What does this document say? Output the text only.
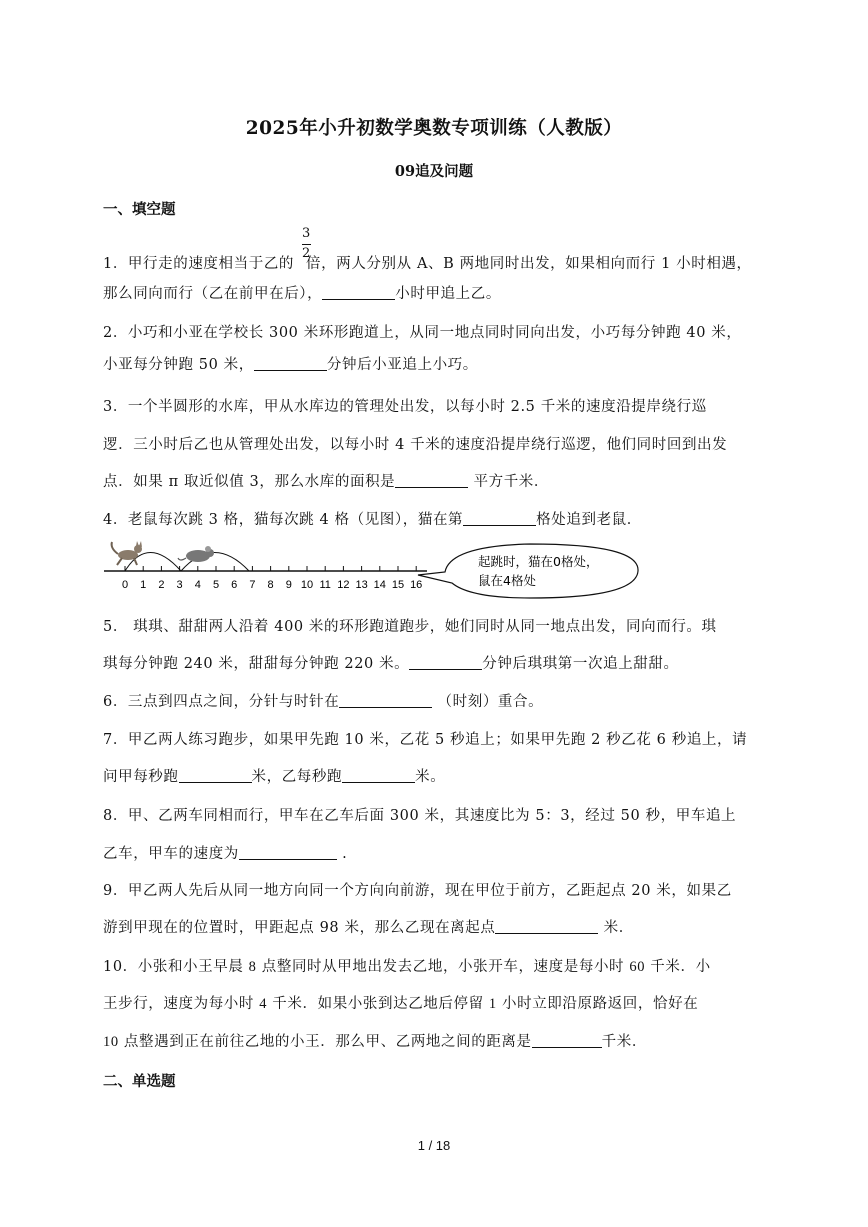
2025年小升初数学奥数专项训练（人教版）
09追及问题
一、填空题
3
2
1．甲行走的速度相当于乙的 倍，两人分别从 A、B 两地同时出发，如果相向而行 1 小时相遇，
那么同向而行（乙在前甲在后），	小时甲追上乙。
2．小巧和小亚在学校长 300 米环形跑道上，从同一地点同时同向出发，小巧每分钟跑 40 米，
小亚每分钟跑 50 米，	分钟后小亚追上小巧。
3．一个半圆形的水库，甲从水库边的管理处出发，以每小时 2.5 千米的速度沿提岸绕行巡
逻．三小时后乙也从管理处出发，以每小时 4 千米的速度沿提岸绕行巡逻，他们同时回到出发
点．如果 π 取近似值 3，那么水库的面积是	平方千米．
4．老鼠每次跳 3 格，猫每次跳 4 格（见图），猫在第	格处追到老鼠．
0 1 2 3 4 5 6 7 8 9 10 11 12 13 14 15 16
起跳时，猫在0格处，
鼠在4格处
5． 琪琪、甜甜两人沿着 400 米的环形跑道跑步，她们同时从同一地点出发，同向而行。琪
琪每分钟跑 240 米，甜甜每分钟跑 220 米。	分钟后琪琪第一次追上甜甜。
6．三点到四点之间，分针与时针在	（时刻）重合。
7．甲乙两人练习跑步，如果甲先跑 10 米，乙花 5 秒追上；如果甲先跑 2 秒乙花 6 秒追上，请
问甲每秒跑	米，乙每秒跑	米。
8．甲、乙两车同相而行，甲车在乙车后面 300 米，其速度比为 5：3，经过 50 秒，甲车追上
乙车，甲车的速度为	.
9．甲乙两人先后从同一地方向同一个方向向前游，现在甲位于前方，乙距起点 20 米，如果乙
游到甲现在的位置时，甲距起点 98 米，那么乙现在离起点	米．
10．小张和小王早晨 8 点整同时从甲地出发去乙地，小张开车，速度是每小时 60 千米．小
王步行，速度为每小时 4 千米．如果小张到达乙地后停留 1 小时立即沿原路返回，恰好在
10 点整遇到正在前往乙地的小王．那么甲、乙两地之间的距离是	千米．
二、单选题
1 / 18
